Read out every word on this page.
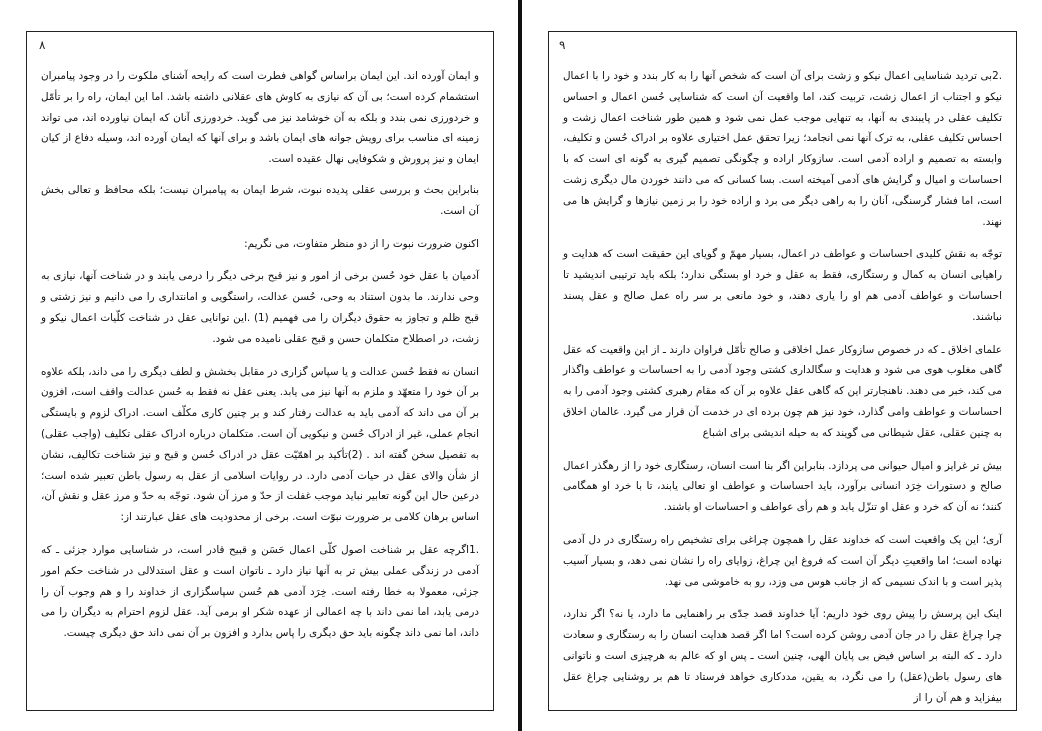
۸

و ایمان آورده اند. این ایمان براساس گواهی فطرت است که رایحه آشنای ملکوت را در وجود پیامبران استشمام کرده است؛ بی آن که نیازی به کاوش های عقلانی داشته باشد. اما این ایمان، راه را بر تأمّل و خردورزی نمی بندد و بلکه به آن خوشامد نیز می گوید. خردورزی آنان که ایمان نیاورده اند، می تواند زمینه ای مناسب برای رویش جوانه های ایمان باشد و برای آنها که ایمان آورده اند، وسیله دفاع از کیان ایمان و نیز پرورش و شکوفایی نهال عقیده است.

بنابراین بحث و بررسی عقلی پدیده نبوت، شرط ایمان به پیامبران نیست؛ بلکه محافظ و تعالی بخش آن است.

اکنون ضرورت نبوت را از دو منظر متفاوت، می نگریم:

آدمیان با عقل خود حُسن برخی از امور و نیز قبح برخی دیگر را درمی یابند و در شناخت آنها، نیازی به وحی ندارند. ما بدون استناد به وحی، حُسن عدالت، راستگویی و امانتداری را می دانیم و نیز زشتی و قبح ظلم و تجاوز به حقوق دیگران را می فهمیم (1) .این توانایی عقل در شناخت کلّیات اعمال نیکو و زشت، در اصطلاح متکلمان حسن و قبح عقلی نامیده می شود.

انسان نه فقط حُسن عدالت و یا سپاس گزاری در مقابل بخشش و لطف دیگری را می داند، بلکه علاوه بر آن خود را متعهّد و ملزم به آنها نیز می یابد. یعنی عقل نه فقط به حُسن عدالت واقف است، افزون بر آن می داند که آدمی باید به عدالت رفتار کند و بر چنین کاری مکلّف است. ادراک لزوم و بایستگی انجام عملی، غیر از ادراک حُسن و نیکویی آن است. متکلمان درباره ادراک عقلی تکلیف (واجب عقلی) به تفصیل سخن گفته اند . (2)تأکید بر اهمّیّت عقل در ادراک حُسن و قبح و نیز شناخت تکالیف، نشان از شأن والای عقل در حیات آدمی دارد. در روایات اسلامی از عقل به رسول باطن تعبیر شده است؛ درعین حال این گونه تعابیر نباید موجب غفلت از حدّ و مرز آن شود. توجّه به حدّ و مرز عقل و نقش آن، اساس برهان کلامی بر ضرورت نبوّت است. برخی از محدودیت های عقل عبارتند از:

.1اگرچه عقل بر شناخت اصول کلّی اعمال حَسَن و قبیح قادر است، در شناسایی موارد جزئی ـ که آدمی در زندگی عملی بیش تر به آنها نیاز دارد ـ ناتوان است و عقل استدلالی در شناخت حکم امور جزئی، معمولا به خطا رفته است. خِرَد آدمی هم حُسن سپاسگزاری از خداوند را و هم وجوب آن را درمی یابد، اما نمی داند با چه اعمالی از عهده شکر او برمی آید. عقل لزوم احترام به دیگران را می داند، اما نمی داند چگونه باید حق دیگری را پاس بدارد و افزون بر آن نمی داند حق دیگری چیست.

۹

.2بی تردید شناسایی اعمال نیکو و زشت برای آن است که شخص آنها را به کار بندد و خود را با اعمال نیکو و اجتناب از اعمال زشت، تربیت کند، اما واقعیت آن است که شناسایی حُسن اعمال و احساس تکلیف عقلی در پایبندی به آنها، به تنهایی موجب عمل نمی شود و همین طور شناخت اعمال زشت و احساس تکلیف عقلی، به ترک آنها نمی انجامد؛ زیرا تحقق عمل اختیاری علاوه بر ادراک حُسن و تکلیف، وابسته به تصمیم و اراده آدمی است. سازوکار اراده و چگونگی تصمیم گیری به گونه ای است که با احساسات و امیال و گرایش های آدمی آمیخته است. بسا کسانی که می دانند خوردن مال دیگری زشت است، اما فشار گرسنگی، آنان را به راهی دیگر می برد و اراده خود را بر زمین نیازها و گرایش ها می نهند.

توجّه به نقش کلیدی احساسات و عواطف در اعمال، بسیار مهمّ و گویای این حقیقت است که هدایت و راهیابی انسان به کمال و رستگاری، فقط به عقل و خرد او بستگی ندارد؛ بلکه باید ترتیبی اندیشید تا احساسات و عواطف آدمی هم او را یاری دهند، و خود مانعی بر سر راه عمل صالح و عقل پسند نباشند.

علمای اخلاق ـ که در خصوص سازوکار عمل اخلاقی و صالح تأمّل فراوان دارند ـ از این واقعیت که عقل گاهی مغلوب هوی می شود و هدایت و سگالداری کشتی وجود آدمی را به احساسات و عواطف واگذار می کند، خبر می دهند. ناهنجارتر این که گاهی عقل علاوه بر آن که مقام رهبری کشتی وجود آدمی را به احساسات و عواطف وامی گذارد، خود نیز هم چون برده ای در خدمت آن قرار می گیرد. عالمان اخلاق به چنین عقلی، عقل شیطانی می گویند که به حیله اندیشی برای اشباع

بیش تر غرایز و امیال حیوانی می پردازد. بنابراین اگر بنا است انسان، رستگاری خود را از رهگذر اعمال صالح و دستورات خِرَد انسانی برآورد، باید احساسات و عواطف او تعالی یابند، تا با خرد او همگامی کنند؛ نه آن که خرد و عقل او تنزّل یابد و هم رأی عواطف و احساسات او باشند.

آری؛ این یک واقعیت است که خداوند عقل را همچون چراغی برای تشخیص راه رستگاری در دل آدمی نهاده است؛ اما واقعیتِ دیگر آن است که فروغ این چراغ، زوایای راه را نشان نمی دهد، و بسیار آسیب پذیر است و با اندک نسیمی که از جانب هوس می وزد، رو به خاموشی می نهد.

اینک این پرسش را پیش روی خود داریم: آیا خداوند قصد جدّی بر راهنمایی ما دارد، یا نه؟ اگر ندارد، چرا چراغ عقل را در جان آدمی روشن کرده است؟ اما اگر قصد هدایت انسان را به رستگاری و سعادت دارد ـ که البته بر اساس فیض بی پایان الهی، چنین است ـ پس او که عالم به هرچیزی است و ناتوانی های رسول باطن(عقل) را می نگرد، به یقین، مددکاری خواهد فرستاد تا هم بر روشنایی چراغ عقل بیفزاید و هم آن را از
